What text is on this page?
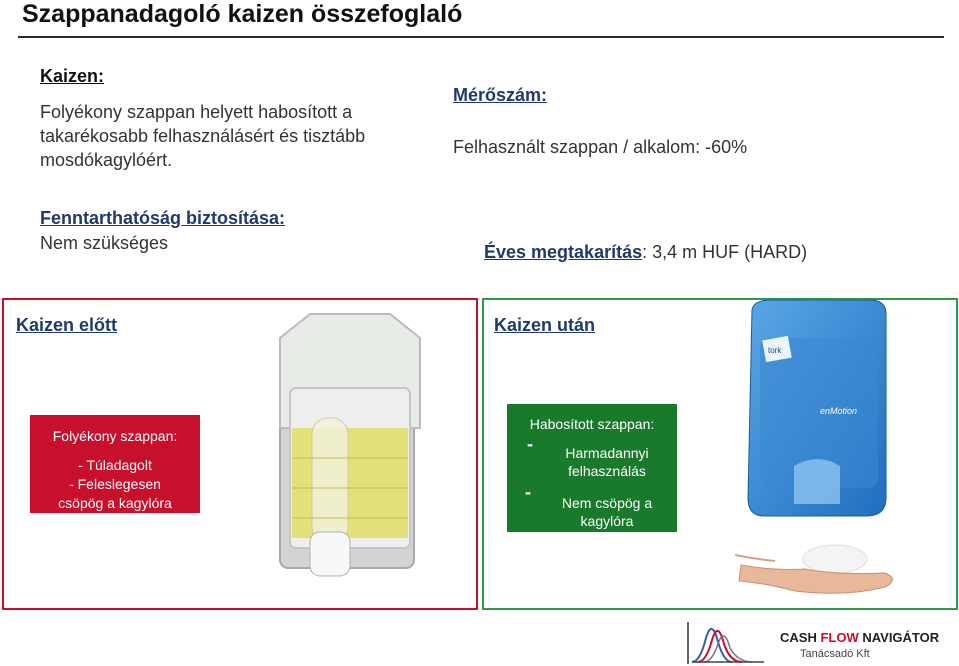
Szappanadagoló kaizen összefoglaló
Kaizen:
Folyékony szappan helyett habosított a takarékosabb felhasználásért és tisztább mosdókagylóért.
Fenntarthatóság biztosítása:
Nem szükséges
Mérőszám:
Felhasznált szappan / alkalom: -60%
Éves megtakarítás: 3,4 m HUF (HARD)
Kaizen előtt
Folyékony szappan:
- Túladagolt
- Feleslegesen
csöpög a kagylóra
Kaizen után
tork
enMotion
Habosított szappan:
-	Harmadannyi felhasználás
-
Nem csöpög a kagylóra
CASH FLOW NAVIGÁTOR
Tanácsadó Kft
